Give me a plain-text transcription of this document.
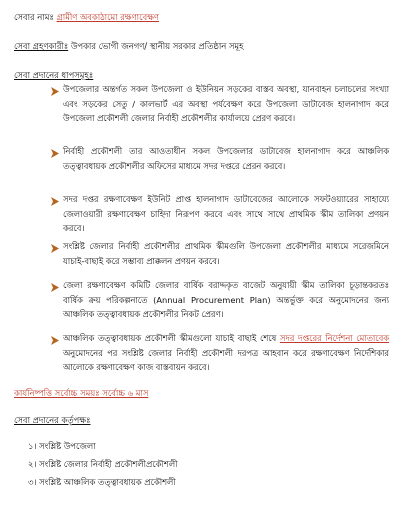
সেবার নামঃ গ্রামীণ অবকাঠামো রক্ষণাবেক্ষণ
সেবা গ্রহণকারীঃ উপকার ভোগী জনগণ/ স্থানীয় সরকার প্রতিষ্ঠান সমূহ
সেবা প্রদানের ধাপসমূহঃ
উপজেলার অন্তর্গত সকল উপজেলা ও ইউনিয়ন সড়কের বাস্তব অবস্থা, যানবাহন চলাচলের সংখ্যা এবং সড়কের সেতু / কালভার্ট এর অবস্থা পর্যবেক্ষণ করে উপজেলা ডাটাবেজ হালনাগাদ করে উপজেলা প্রকৌশলী জেলার নির্বাহী প্রকৌশলীর কার্যালয়ে প্রেরণ করবে।
নির্বাহী প্রকৌশলী তার আওতাধীন সকল উপজেলার ডাটাবেজ হালনাগাদ করে আঞ্চলিক তত্ত্বাবধায়ক প্রকৌশলীর অফিসের মাধ্যমে সদর দপ্তরে প্রেরন করবে।
সদর দপ্তর রক্ষণাবেক্ষণ ইউনিট প্রাপ্ত হালনাগাদ ডাটাবেজের আলোকে সফটওয়্যারের সাহায্যে জেলাওয়ারী রক্ষণাবেক্ষণ চাহিদা নিরূপণ করবে এবং সাথে সাথে প্রাথমিক স্কীম তালিকা প্রণয়ন করবে।
সংশ্লিষ্ট জেলার নির্বাহী প্রকৌশলীর প্রাথমিক স্কীমগুলি উপজেলা প্রকৌশলীর মাধ্যমে সরেজমিনে যাচাই-বাছাই করে সম্ভাব্য প্রাক্কলন প্রণয়ন করবে।
জেলা রক্ষণাবেক্ষণ কমিটি জেলার বার্ষিক বরাদ্দকৃত বাজেট অনুযায়ী স্কীম তালিকা চূড়ান্তকরতঃ বার্ষিক ক্রয় পরিকল্পনাতে (Annual Procurement Plan) অন্তর্ভুক্ত করে অনুমোদনের জন্য আঞ্চলিক তত্ত্বাবধায়ক প্রকৌশলীর নিকট প্রেরণ।
আঞ্চলিক তত্ত্বাবধায়ক প্রকৌশলী স্কীমগুলো যাচাই বাছাই শেষে সদর দপ্তরের নির্দেশনা মোতাবেক অনুমোদনের পর সংশ্লিষ্ট জেলার নির্বাহী প্রকৌশলী দরপত্র আহবান করে রক্ষণাবেক্ষণ নির্দেশিকার আলোকে রক্ষণাবেক্ষণ কাজ বাস্তবায়ন করবে।
কার্যনিষ্পত্তি সর্বোচ্চ সময়ঃ সর্বোচ্চ ৬ মাস
সেবা প্রদানের কর্তৃপক্ষঃ
১। সংশ্লিষ্ট উপজেলা
২। সংশ্লিষ্ট জেলার নির্বাহী প্রকৌশলীপ্রকৌশলী
৩। সংশ্লিষ্ট আঞ্চলিক তত্ত্বাবধায়ক প্রকৌশলী
